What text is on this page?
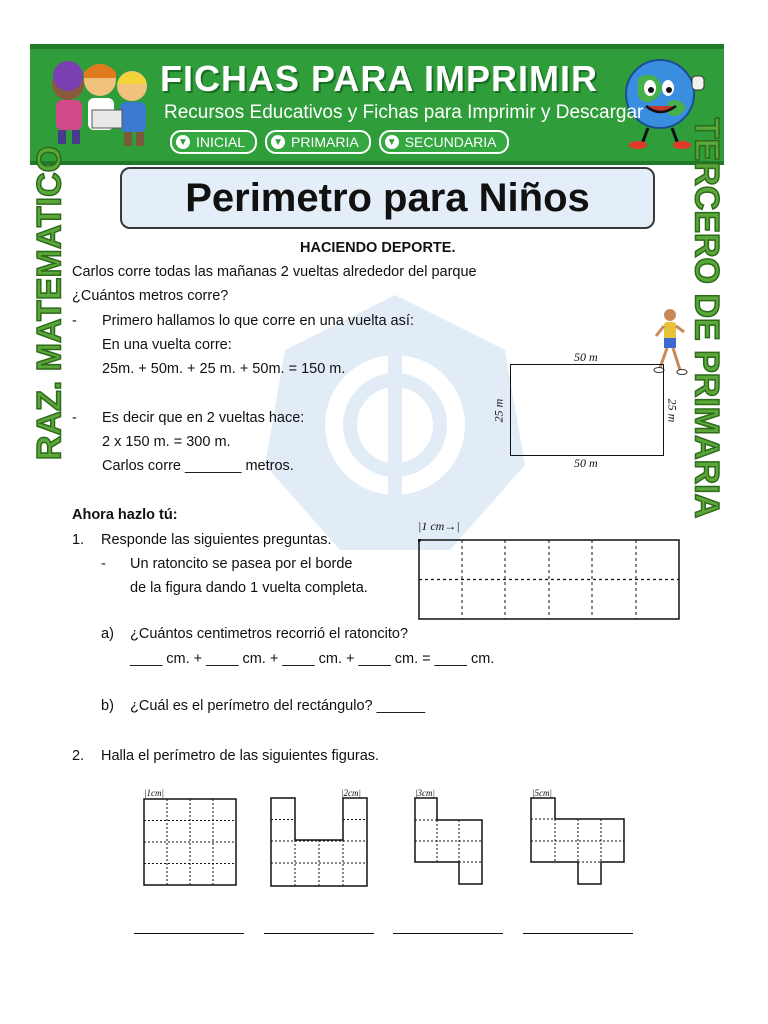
FICHAS PARA IMPRIMIR
Recursos Educativos y Fichas para Imprimir y Descargar
▼ INICIAL	▼ PRIMARIA	▼ SECUNDARIA
RAZ. MATEMATICO	TERCERO DE PRIMARIA
Perimetro para Niños
HACIENDO DEPORTE.
Carlos corre todas las mañanas 2 vueltas alrededor del parque
¿Cuántos metros corre?
- Primero hallamos lo que corre en una vuelta así:
En una vuelta corre:
25m. + 50m. + 25 m. + 50m. = 150 m.
- Es decir que en 2 vueltas hace:
2 x 150 m. = 300 m.
Carlos corre _______ metros.
50 m
50 m
25 m	25 m
Ahora hazlo tú:
1. Responde las siguientes preguntas.
- Un ratoncito se pasea por el borde
de la figura dando 1 vuelta completa.
|1 cm→|
a) ¿Cuántos centimetros recorrió el ratoncito?
____ cm. + ____ cm. + ____ cm. + ____ cm. = ____ cm.
b) ¿Cuál es el perímetro del rectángulo? ______
2. Halla el perímetro de las siguientes figuras.
|1cm|	|2cm|	|3cm|	|5cm|
